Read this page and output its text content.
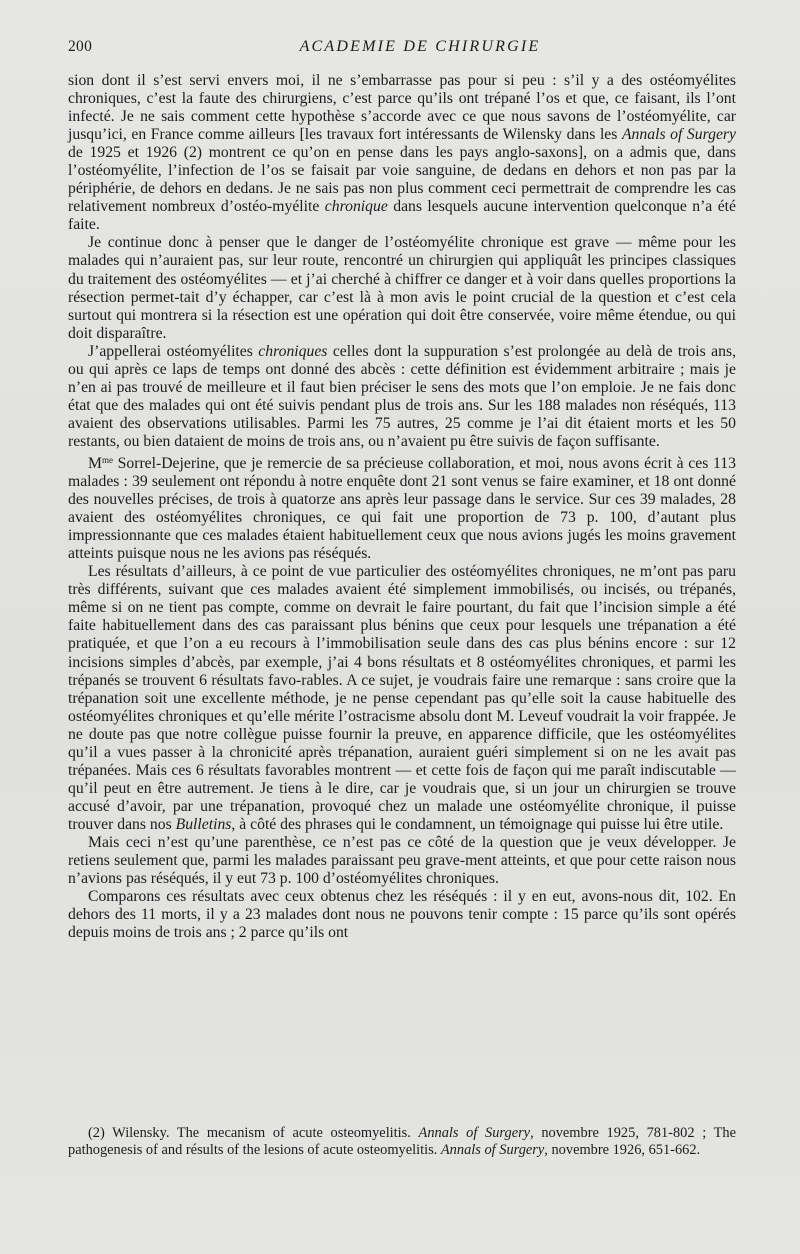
200	ACADEMIE DE CHIRURGIE

sion dont il s’est servi envers moi, il ne s’embarrasse pas pour si peu : s’il y a des ostéomyélites chroniques, c’est la faute des chirurgiens, c’est parce qu’ils ont trépané l’os et que, ce faisant, ils l’ont infecté. Je ne sais comment cette hypothèse s’accorde avec ce que nous savons de l’ostéomyélite, car jusqu’ici, en France comme ailleurs [les travaux fort intéressants de Wilensky dans les Annals of Surgery de 1925 et 1926 (2) montrent ce qu’on en pense dans les pays anglo-saxons], on a admis que, dans l’ostéomyélite, l’infection de l’os se faisait par voie sanguine, de dedans en dehors et non pas par la périphérie, de dehors en dedans. Je ne sais pas non plus comment ceci permettrait de comprendre les cas relativement nombreux d’ostéo-myélite chronique dans lesquels aucune intervention quelconque n’a été faite.

Je continue donc à penser que le danger de l’ostéomyélite chronique est grave — même pour les malades qui n’auraient pas, sur leur route, rencontré un chirurgien qui appliquât les principes classiques du traitement des ostéomyélites — et j’ai cherché à chiffrer ce danger et à voir dans quelles proportions la résection permet-tait d’y échapper, car c’est là à mon avis le point crucial de la question et c’est cela surtout qui montrera si la résection est une opération qui doit être conservée, voire même étendue, ou qui doit disparaître.

J’appellerai ostéomyélites chroniques celles dont la suppuration s’est prolongée au delà de trois ans, ou qui après ce laps de temps ont donné des abcès : cette définition est évidemment arbitraire ; mais je n’en ai pas trouvé de meilleure et il faut bien préciser le sens des mots que l’on emploie. Je ne fais donc état que des malades qui ont été suivis pendant plus de trois ans. Sur les 188 malades non réséqués, 113 avaient des observations utilisables. Parmi les 75 autres, 25 comme je l’ai dit étaient morts et les 50 restants, ou bien dataient de moins de trois ans, ou n’avaient pu être suivis de façon suffisante.

$M^{me}$ Sorrel-Dejerine, que je remercie de sa précieuse collaboration, et moi, nous avons écrit à ces 113 malades : 39 seulement ont répondu à notre enquête dont 21 sont venus se faire examiner, et 18 ont donné des nouvelles précises, de trois à quatorze ans après leur passage dans le service. Sur ces 39 malades, 28 avaient des ostéomyélites chroniques, ce qui fait une proportion de 73 p. 100, d’autant plus impressionnante que ces malades étaient habituellement ceux que nous avions jugés les moins gravement atteints puisque nous ne les avions pas réséqués.

Les résultats d’ailleurs, à ce point de vue particulier des ostéomyélites chroniques, ne m’ont pas paru très différents, suivant que ces malades avaient été simplement immobilisés, ou incisés, ou trépanés, même si on ne tient pas compte, comme on devrait le faire pourtant, du fait que l’incision simple a été faite habituellement dans des cas paraissant plus bénins que ceux pour lesquels une trépanation a été pratiquée, et que l’on a eu recours à l’immobilisation seule dans des cas plus bénins encore : sur 12 incisions simples d’abcès, par exemple, j’ai 4 bons résultats et 8 ostéomyélites chroniques, et parmi les trépanés se trouvent 6 résultats favo-rables. A ce sujet, je voudrais faire une remarque : sans croire que la trépanation soit une excellente méthode, je ne pense cependant pas qu’elle soit la cause habituelle des ostéomyélites chroniques et qu’elle mérite l’ostracisme absolu dont M. Leveuf voudrait la voir frappée. Je ne doute pas que notre collègue puisse fournir la preuve, en apparence difficile, que les ostéomyélites qu’il a vues passer à la chronicité après trépanation, auraient guéri simplement si on ne les avait pas trépanées. Mais ces 6 résultats favorables montrent — et cette fois de façon qui me paraît indiscutable — qu’il peut en être autrement. Je tiens à le dire, car je voudrais que, si un jour un chirurgien se trouve accusé d’avoir, par une trépanation, provoqué chez un malade une ostéomyélite chronique, il puisse trouver dans nos Bulletins, à côté des phrases qui le condamnent, un témoignage qui puisse lui être utile.

Mais ceci n’est qu’une parenthèse, ce n’est pas ce côté de la question que je veux développer. Je retiens seulement que, parmi les malades paraissant peu grave-ment atteints, et que pour cette raison nous n’avions pas réséqués, il y eut 73 p. 100 d’ostéomyélites chroniques.

Comparons ces résultats avec ceux obtenus chez les réséqués : il y en eut, avons-nous dit, 102. En dehors des 11 morts, il y a 23 malades dont nous ne pouvons tenir compte : 15 parce qu’ils sont opérés depuis moins de trois ans ; 2 parce qu’ils ont

(2) Wilensky. The mecanism of acute osteomyelitis. Annals of Surgery, novembre 1925, 781-802 ; The pathogenesis of and résults of the lesions of acute osteomyelitis. Annals of Surgery, novembre 1926, 651-662.
